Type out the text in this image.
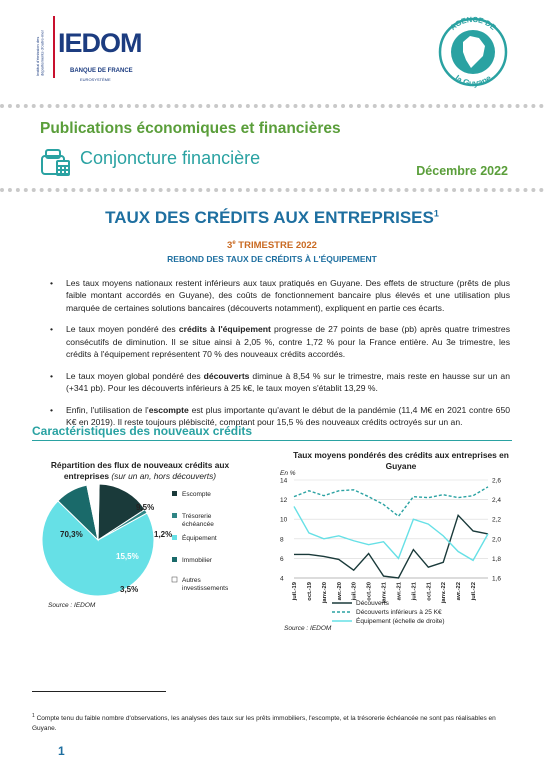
Institut d'émission des départements d'outre-mer IEDOM
BANQUE DE FRANCE
EUROSYSTÈME
AGENCE DE
la Guyane
Publications économiques et financières
Conjoncture financière
Décembre 2022
TAUX DES CRÉDITS AUX ENTREPRISES$^1$
3e TRIMESTRE 2022
REBOND DES TAUX DE CRÉDITS À L'ÉQUIPEMENT
• Les taux moyens nationaux restent inférieurs aux taux pratiqués en Guyane. Des effets de structure (prêts de plus faible montant accordés en Guyane), des coûts de fonctionnement bancaire plus élevés et une utilisation plus marquée de certaines solutions bancaires (découverts notamment), expliquent en partie ces écarts.
• Le taux moyen pondéré des crédits à l'équipement progresse de 27 points de base (pb) après quatre trimestres consécutifs de diminution. Il se situe ainsi à 2,05 %, contre 1,72 % pour la France entière. Au 3e trimestre, les crédits à l'équipement représentent 70 % des nouveaux crédits accordés.
• Le taux moyen global pondéré des découverts diminue à 8,54 % sur le trimestre, mais reste en hausse sur un an (+341 pb). Pour les découverts inférieurs à 25 k€, le taux moyen s'établit 13,29 %.
• Enfin, l'utilisation de l'escompte est plus importante qu'avant le début de la pandémie (11,4 M€ en 2021 contre 650 K€ en 2019). Il reste toujours plébiscité, comptant pour 15,5 % des nouveaux crédits octroyés sur un an.
Caractéristiques des nouveaux crédits
Répartition des flux de nouveaux crédits aux entreprises (sur un an, hors découverts)
15,5%
1,2%
70,3%
9,5%
3,5%
Escompte
Trésorerie
échéancée
Équipement
Immobilier
Autres
investissements
Source : IEDOM
Taux moyens pondérés des crédits aux entreprises en Guyane
En %
4
6
8
10
12
14
1,6
1,8
2,0
2,2
2,4
2,6
juil.-19 oct.-19 janv.-20 avr.-20 juil.-20 oct.-20 janv.-21 avr.-21 juil.-21 oct.-21 janv.-22 avr.-22 juil.-22
Découverts
Découverts inférieurs à 25 K€
Équipement (échelle de droite)
Source : IEDOM
$^1$ Compte tenu du faible nombre d'observations, les analyses des taux sur les prêts immobiliers, l'escompte, et la trésorerie échéancée ne sont pas réalisables en Guyane.
1
